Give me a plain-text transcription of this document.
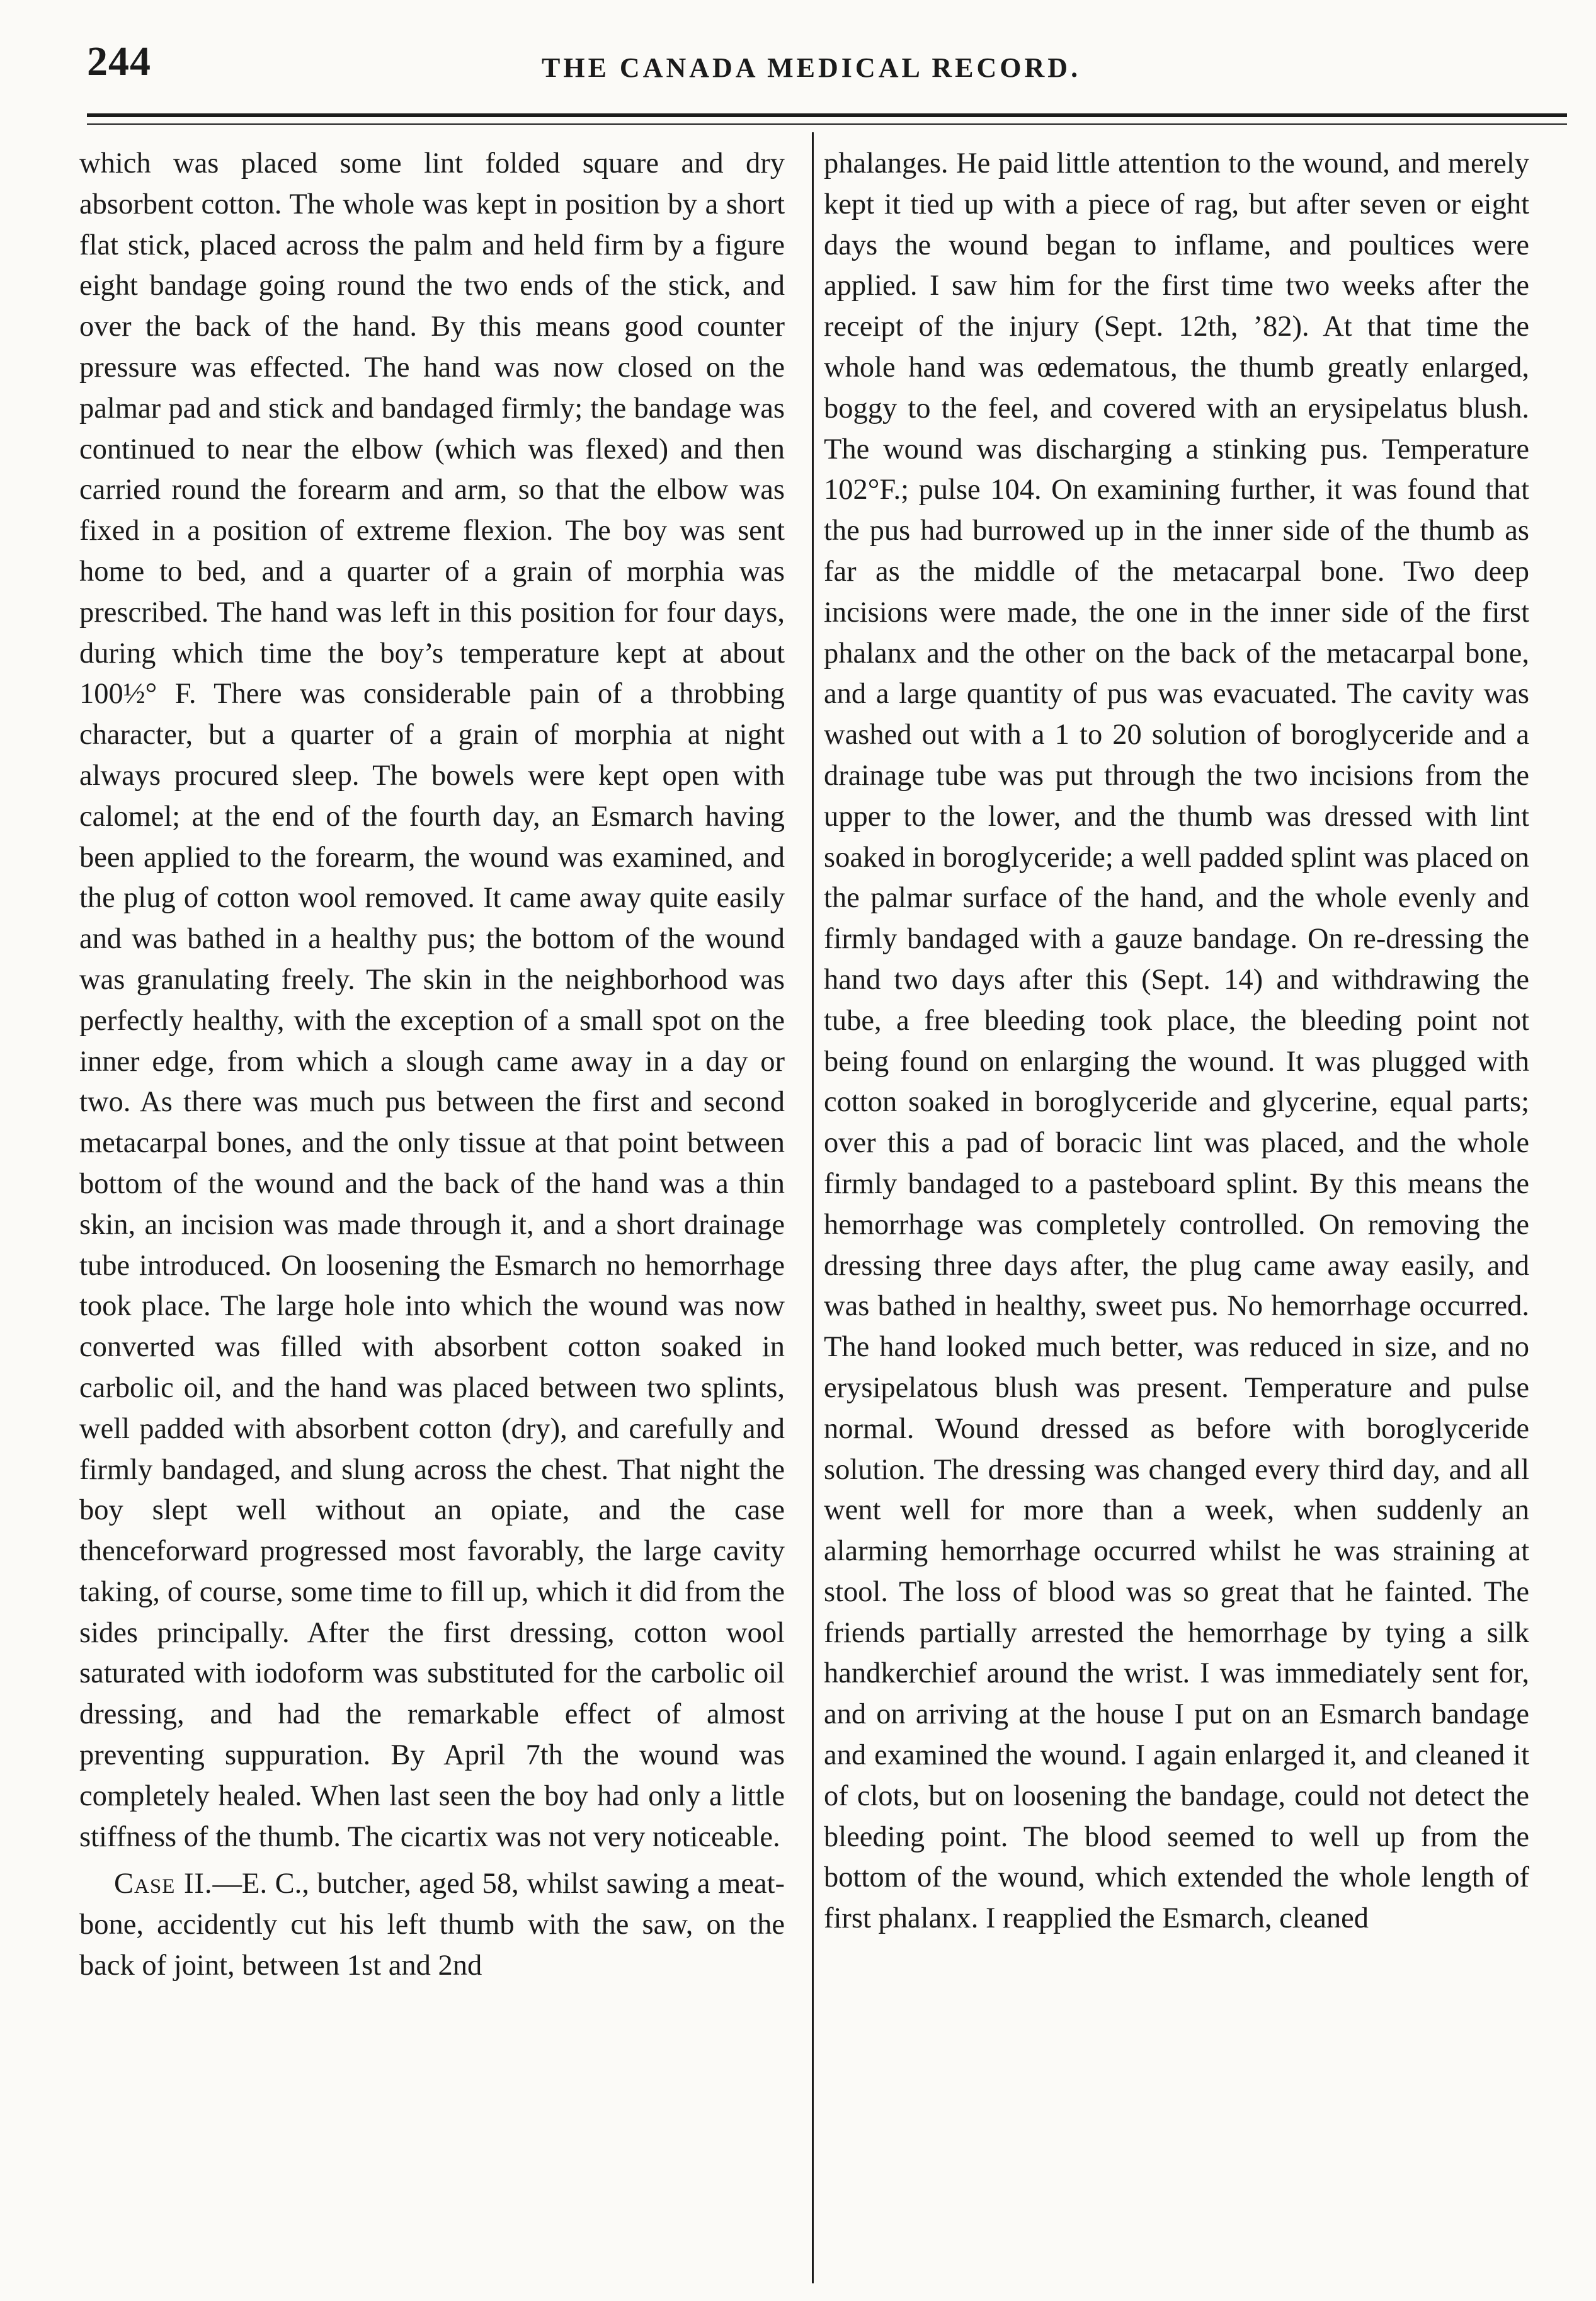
244	THE CANADA MEDICAL RECORD.

which was placed some lint folded square and dry absorbent cotton. The whole was kept in position by a short flat stick, placed across the palm and held firm by a figure eight bandage going round the two ends of the stick, and over the back of the hand. By this means good counter pressure was effected. The hand was now closed on the palmar pad and stick and bandaged firmly; the bandage was continued to near the elbow (which was flexed) and then carried round the forearm and arm, so that the elbow was fixed in a position of extreme flexion. The boy was sent home to bed, and a quarter of a grain of morphia was prescribed. The hand was left in this position for four days, during which time the boy’s temperature kept at about 100½° F. There was considerable pain of a throbbing character, but a quarter of a grain of morphia at night always procured sleep. The bowels were kept open with calomel; at the end of the fourth day, an Esmarch having been applied to the forearm, the wound was examined, and the plug of cotton wool removed. It came away quite easily and was bathed in a healthy pus; the bottom of the wound was granulating freely. The skin in the neighborhood was perfectly healthy, with the exception of a small spot on the inner edge, from which a slough came away in a day or two. As there was much pus between the first and second metacarpal bones, and the only tissue at that point between bottom of the wound and the back of the hand was a thin skin, an incision was made through it, and a short drainage tube introduced. On loosening the Esmarch no hemorrhage took place. The large hole into which the wound was now converted was filled with absorbent cotton soaked in carbolic oil, and the hand was placed between two splints, well padded with absorbent cotton (dry), and carefully and firmly bandaged, and slung across the chest. That night the boy slept well without an opiate, and the case thenceforward progressed most favorably, the large cavity taking, of course, some time to fill up, which it did from the sides principally. After the first dressing, cotton wool saturated with iodoform was substituted for the carbolic oil dressing, and had the remarkable effect of almost preventing suppuration. By April 7th the wound was completely healed. When last seen the boy had only a little stiffness of the thumb. The cicartix was not very noticeable.

Case II.—E. C., butcher, aged 58, whilst sawing a meat-bone, accidently cut his left thumb with the saw, on the back of joint, between 1st and 2nd

phalanges. He paid little attention to the wound, and merely kept it tied up with a piece of rag, but after seven or eight days the wound began to inflame, and poultices were applied. I saw him for the first time two weeks after the receipt of the injury (Sept. 12th, ’82). At that time the whole hand was œdematous, the thumb greatly enlarged, boggy to the feel, and covered with an erysipelatus blush. The wound was discharging a stinking pus. Temperature 102°F.; pulse 104. On examining further, it was found that the pus had burrowed up in the inner side of the thumb as far as the middle of the metacarpal bone. Two deep incisions were made, the one in the inner side of the first phalanx and the other on the back of the metacarpal bone, and a large quantity of pus was evacuated. The cavity was washed out with a 1 to 20 solution of boroglyceride and a drainage tube was put through the two incisions from the upper to the lower, and the thumb was dressed with lint soaked in boroglyceride; a well padded splint was placed on the palmar surface of the hand, and the whole evenly and firmly bandaged with a gauze bandage. On re-dressing the hand two days after this (Sept. 14) and withdrawing the tube, a free bleeding took place, the bleeding point not being found on enlarging the wound. It was plugged with cotton soaked in boroglyceride and glycerine, equal parts; over this a pad of boracic lint was placed, and the whole firmly bandaged to a pasteboard splint. By this means the hemorrhage was completely controlled. On removing the dressing three days after, the plug came away easily, and was bathed in healthy, sweet pus. No hemorrhage occurred. The hand looked much better, was reduced in size, and no erysipelatous blush was present. Temperature and pulse normal. Wound dressed as before with boroglyceride solution. The dressing was changed every third day, and all went well for more than a week, when suddenly an alarming hemorrhage occurred whilst he was straining at stool. The loss of blood was so great that he fainted. The friends partially arrested the hemorrhage by tying a silk handkerchief around the wrist. I was immediately sent for, and on arriving at the house I put on an Esmarch bandage and examined the wound. I again enlarged it, and cleaned it of clots, but on loosening the bandage, could not detect the bleeding point. The blood seemed to well up from the bottom of the wound, which extended the whole length of first phalanx. I reapplied the Esmarch, cleaned
